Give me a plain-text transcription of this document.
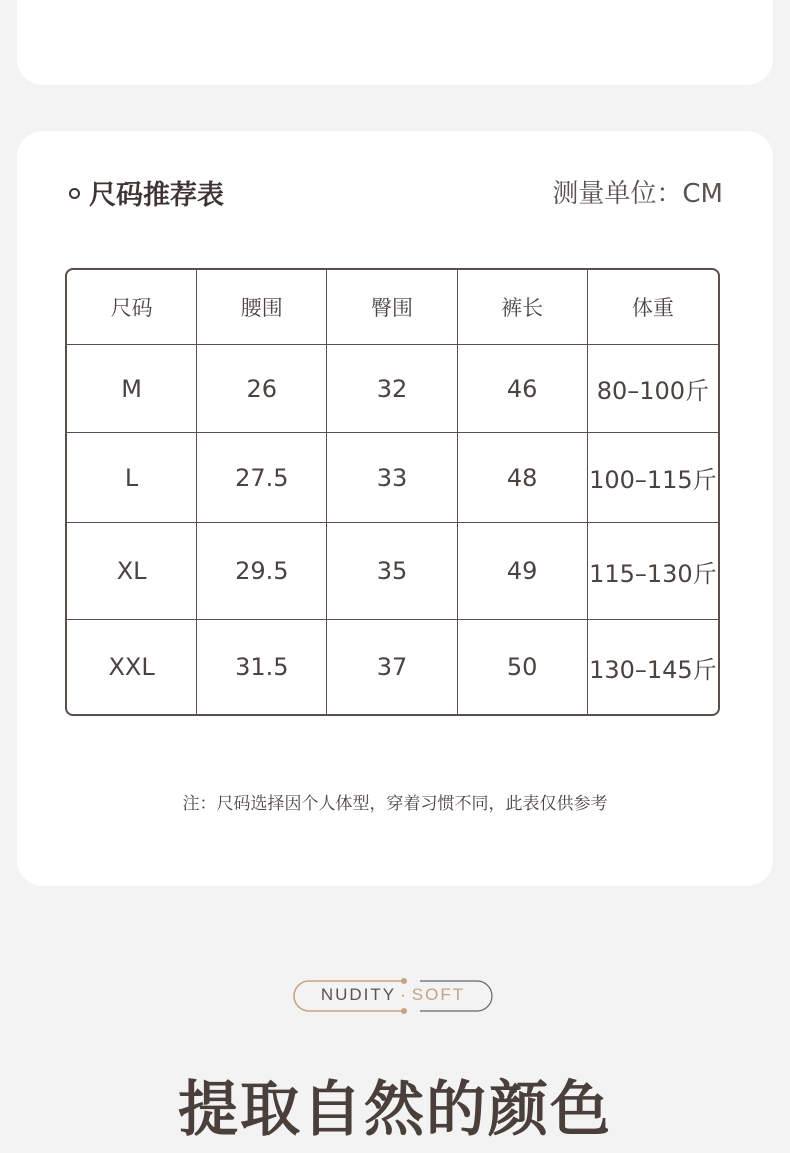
尺码推荐表	测量单位：CM
尺码	腰围	臀围	裤长	体重
M	26	32	46	80–100斤
L	27.5	33	48	100–115斤
XL	29.5	35	49	115–130斤
XXL	31.5	37	50	130–145斤
注：尺码选择因个人体型，穿着习惯不同，此表仅供参考
NUDITY · SOFT
提取自然的颜色
